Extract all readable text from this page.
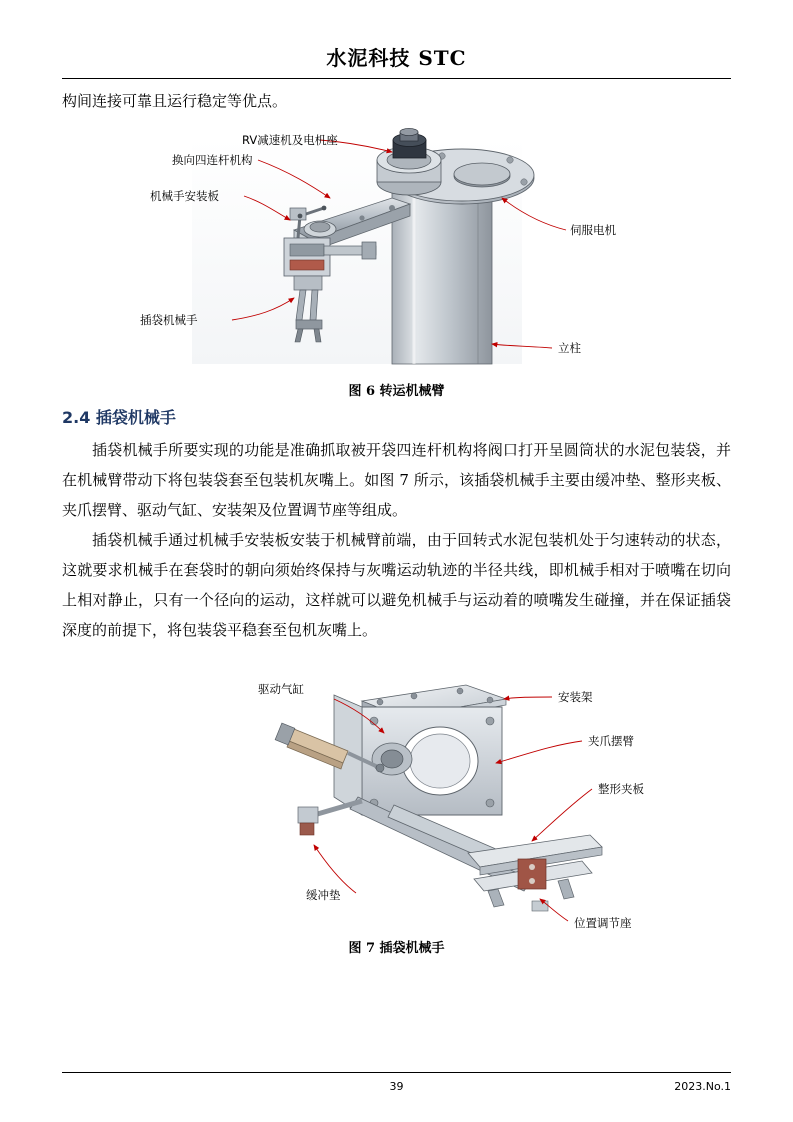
水泥科技 STC

构间连接可靠且运行稳定等优点。

RV减速机及电机座
换向四连杆机构
机械手安装板
插袋机械手
伺服电机
立柱
图 6 转运机械臂
2.4 插袋机械手

插袋机械手所要实现的功能是准确抓取被开袋四连杆机构将阀口打开呈圆筒状的水泥包装袋，并在机械臂带动下将包装袋套至包装机灰嘴上。如图 7 所示，该插袋机械手主要由缓冲垫、整形夹板、夹爪摆臂、驱动气缸、安装架及位置调节座等组成。

插袋机械手通过机械手安装板安装于机械臂前端，由于回转式水泥包装机处于匀速转动的状态，这就要求机械手在套袋时的朝向须始终保持与灰嘴运动轨迹的半径共线，即机械手相对于喷嘴在切向上相对静止，只有一个径向的运动，这样就可以避免机械手与运动着的喷嘴发生碰撞，并在保证插袋深度的前提下，将包装袋平稳套至包机灰嘴上。

驱动气缸
安装架
夹爪摆臂
整形夹板
缓冲垫
位置调节座
图 7 插袋机械手
39	2023.No.1
